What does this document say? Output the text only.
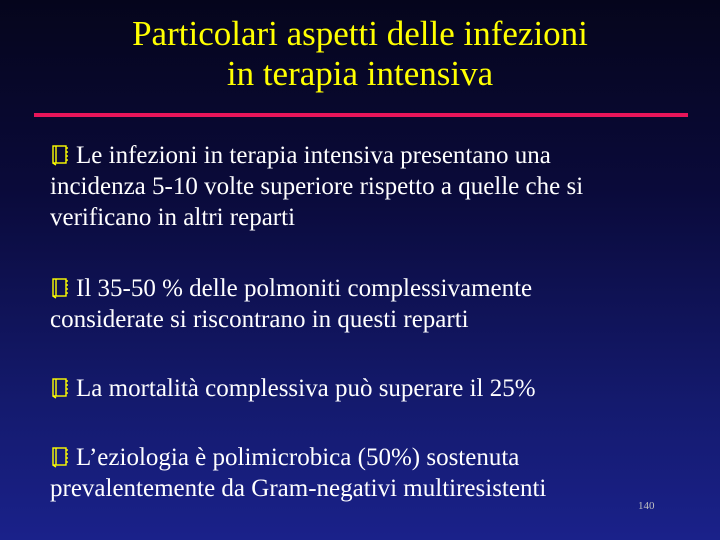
Particolari aspetti delle infezioni
in terapia intensiva
Le infezioni in terapia intensiva presentano una
incidenza 5-10 volte superiore rispetto a quelle che si
verificano in altri reparti
Il 35-50 % delle polmoniti complessivamente
considerate si riscontrano in questi reparti
La mortalità complessiva può superare il 25%
L’eziologia è polimicrobica (50%) sostenuta
prevalentemente da Gram-negativi multiresistenti
140
